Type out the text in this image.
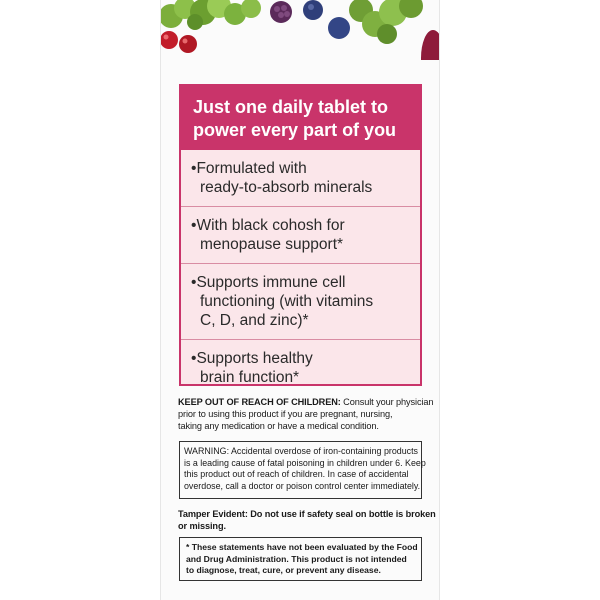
Just one daily tablet to
power every part of you
•Formulated with
ready-to-absorb minerals
•With black cohosh for
menopause support*
•Supports immune cell
functioning (with vitamins
C, D, and zinc)*
•Supports healthy
brain function*
KEEP OUT OF REACH OF CHILDREN: Consult your physician
prior to using this product if you are pregnant, nursing,
taking any medication or have a medical condition.
WARNING: Accidental overdose of iron-containing products
is a leading cause of fatal poisoning in children under 6. Keep
this product out of reach of children. In case of accidental
overdose, call a doctor or poison control center immediately.
Tamper Evident: Do not use if safety seal on bottle is broken
or missing.
* These statements have not been evaluated by the Food
and Drug Administration. This product is not intended
to diagnose, treat, cure, or prevent any disease.
